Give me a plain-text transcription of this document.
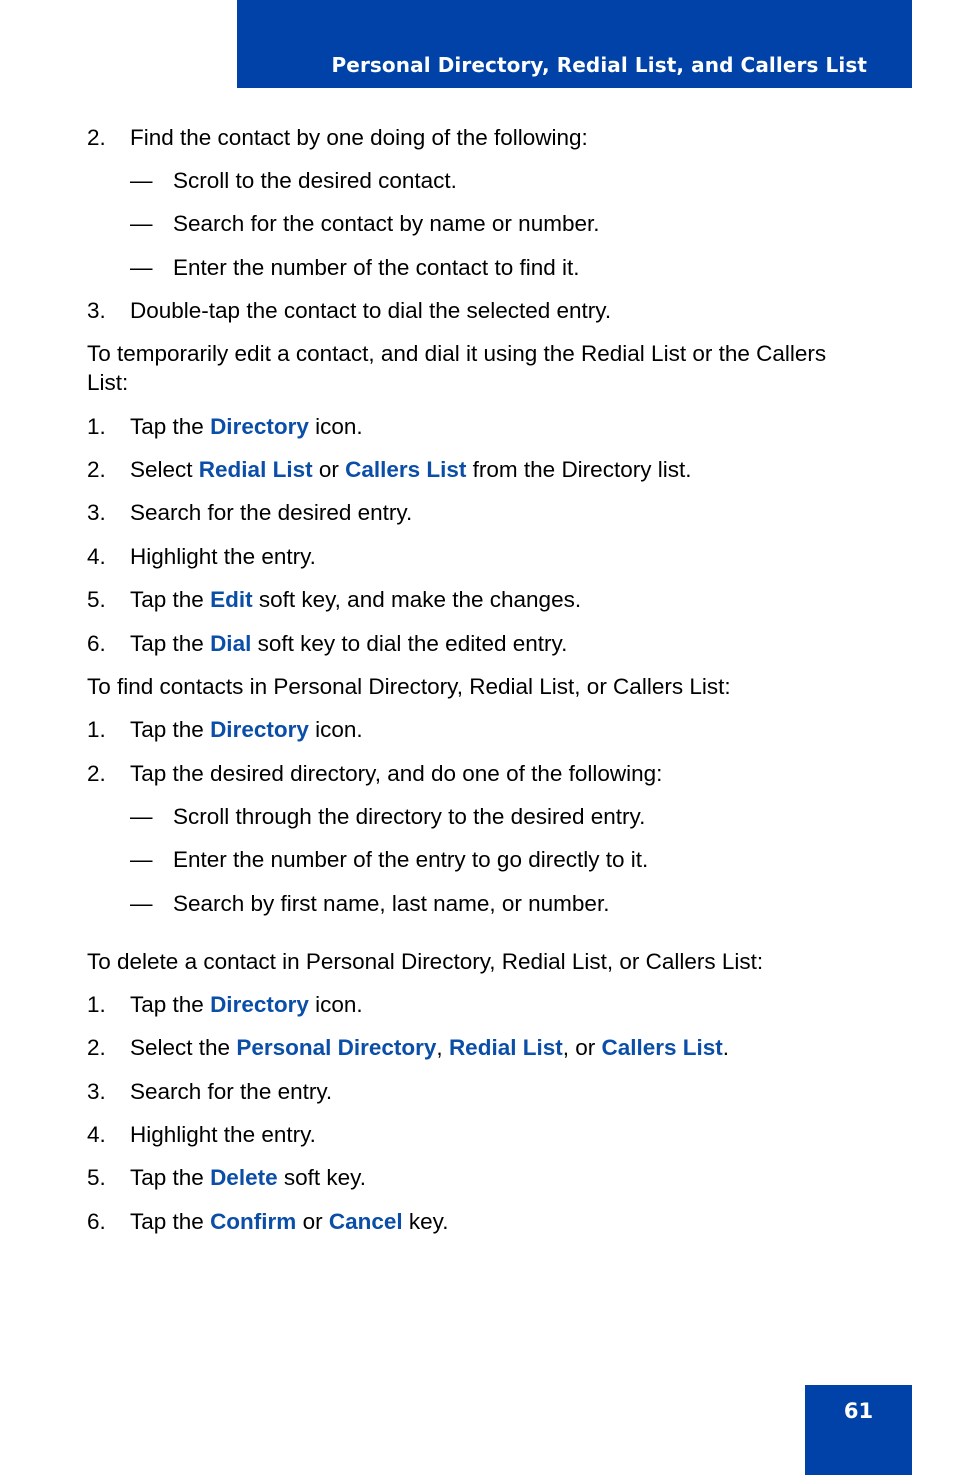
Personal Directory, Redial List, and Callers List
2. Find the contact by one doing of the following:
— Scroll to the desired contact.
— Search for the contact by name or number.
— Enter the number of the contact to find it.
3. Double-tap the contact to dial the selected entry.
To temporarily edit a contact, and dial it using the Redial List or the Callers List:
1. Tap the Directory icon.
2. Select Redial List or Callers List from the Directory list.
3. Search for the desired entry.
4. Highlight the entry.
5. Tap the Edit soft key, and make the changes.
6. Tap the Dial soft key to dial the edited entry.
To find contacts in Personal Directory, Redial List, or Callers List:
1. Tap the Directory icon.
2. Tap the desired directory, and do one of the following:
— Scroll through the directory to the desired entry.
— Enter the number of the entry to go directly to it.
— Search by first name, last name, or number.
To delete a contact in Personal Directory, Redial List, or Callers List:
1. Tap the Directory icon.
2. Select the Personal Directory, Redial List, or Callers List.
3. Search for the entry.
4. Highlight the entry.
5. Tap the Delete soft key.
6. Tap the Confirm or Cancel key.
61
